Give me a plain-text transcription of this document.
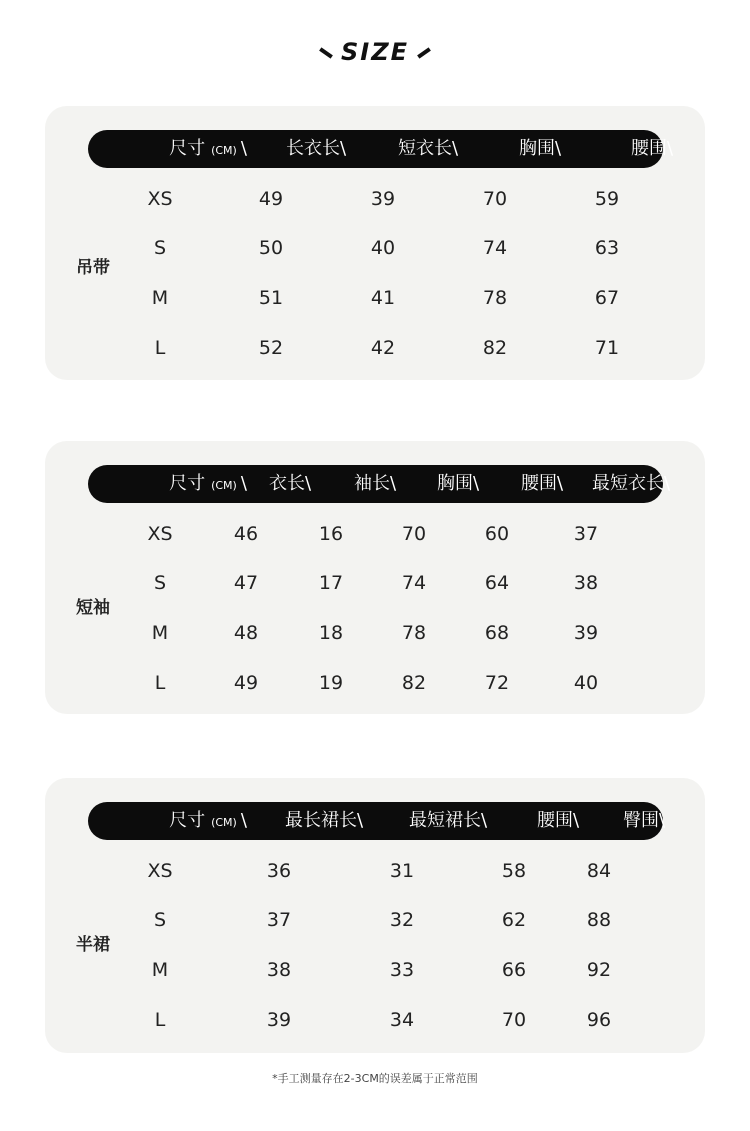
SIZE
尺寸 (CM) \ 长衣长\	短衣长\	胸围\	腰围\
吊带
XS	49	39	70	59
S	50	40	74	63
M	51	41	78	67
L	52	42	82	71
尺寸 (CM) \ 衣长\ 袖长\ 胸围\ 腰围\ 最短衣长\
短袖
XS	46	16	70	60	37
S	47	17	74	64	38
M	48	18	78	68	39
L	49	19	82	72	40
尺寸 (CM) \ 最长裙长\	最短裙长\	腰围\ 臀围\
半裙
XS	36	31	58	84
S	37	32	62	88
M	38	33	66	92
L	39	34	70	96
*手工测量存在2-3CM的误差属于正常范围
